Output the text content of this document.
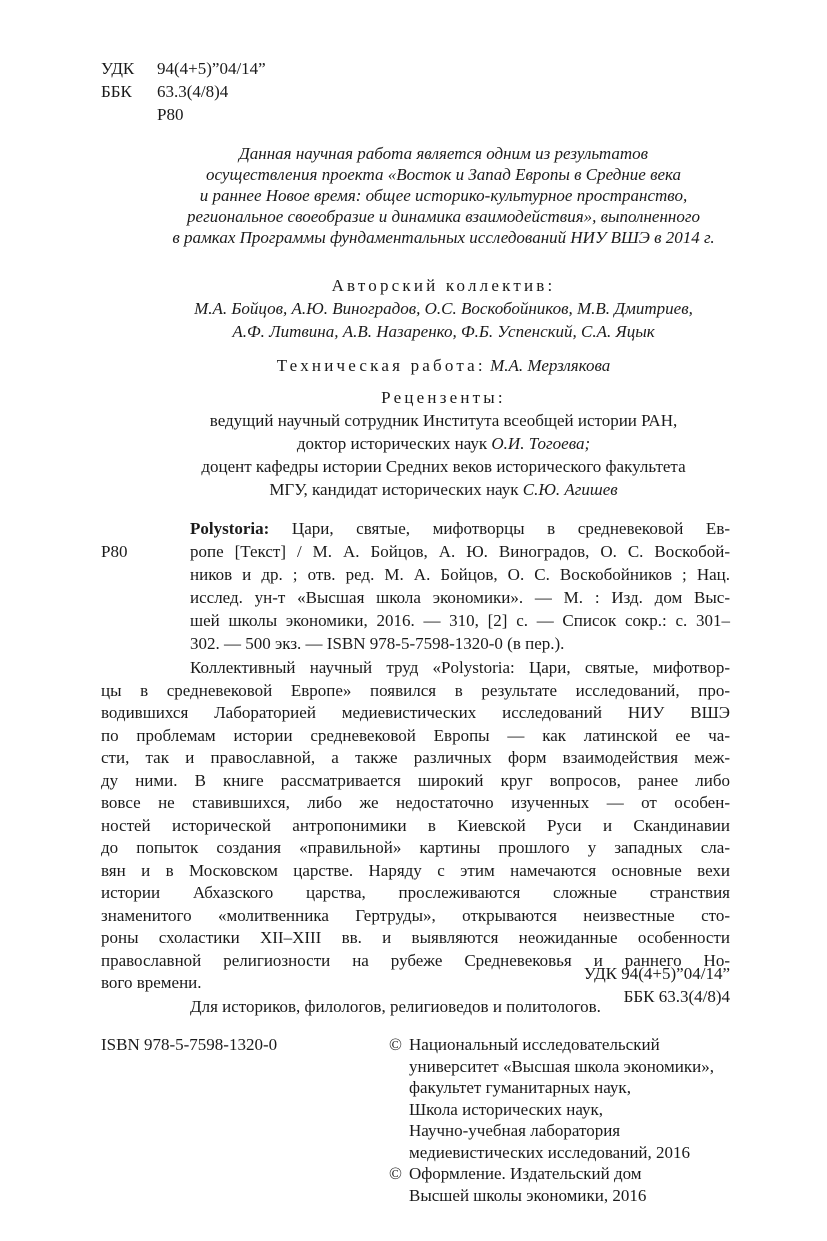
УДК 94(4+5)”04/14”
ББК 63.3(4/8)4
Р80
Данная научная работа является одним из результатов
осуществления проекта «Восток и Запад Европы в Средние века
и раннее Новое время: общее историко-культурное пространство,
региональное своеобразие и динамика взаимодействия», выполненного
в рамках Программы фундаментальных исследований НИУ ВШЭ в 2014 г.
Авторский коллектив:
М.А. Бойцов, А.Ю. Виноградов, О.С. Воскобойников, М.В. Дмитриев,
А.Ф. Литвина, А.В. Назаренко, Ф.Б. Успенский, С.А. Яцык
Техническая работа: М.А. Мерзлякова
Рецензенты:
ведущий научный сотрудник Института всеобщей истории РАН,
доктор исторических наук О.И. Тогоева;
доцент кафедры истории Средних веков исторического факультета
МГУ, кандидат исторических наук С.Ю. Агишев
Р80
Polystoria: Цари, святые, мифотворцы в средневековой Ев-
ропе [Текст] / М. А. Бойцов, А. Ю. Виноградов, О. С. Воскобой-
ников и др. ; отв. ред. М. А. Бойцов, О. С. Воскобойников ; Нац.
исслед. ун-т «Высшая школа экономики». — М. : Изд. дом Выс-
шей школы экономики, 2016. — 310, [2] с. — Список сокр.: с. 301–
302. — 500 экз. — ISBN 978-5-7598-1320-0 (в пер.).
Коллективный научный труд «Polystoria: Цари, святые, мифотвор-
цы в средневековой Европе» появился в результате исследований, про-
водившихся Лабораторией медиевистических исследований НИУ ВШЭ
по проблемам истории средневековой Европы — как латинской ее ча-
сти, так и православной, а также различных форм взаимодействия меж-
ду ними. В книге рассматривается широкий круг вопросов, ранее либо
вовсе не ставившихся, либо же недостаточно изученных — от особен-
ностей исторической антропонимики в Киевской Руси и Скандинавии
до попыток создания «правильной» картины прошлого у западных сла-
вян и в Московском царстве. Наряду с этим намечаются основные вехи
истории Абхазского царства, прослеживаются сложные странствия
знаменитого «молитвенника Гертруды», открываются неизвестные сто-
роны схоластики XII–XIII вв. и выявляются неожиданные особенности
православной религиозности на рубеже Средневековья и раннего Но-
вого времени.
Для историков, филологов, религиоведов и политологов.
УДК 94(4+5)”04/14”
ББК 63.3(4/8)4
ISBN 978-5-7598-1320-0	© Национальный исследовательский
университет «Высшая школа экономики»,
факультет гуманитарных наук,
Школа исторических наук,
Научно-учебная лаборатория
медиевистических исследований, 2016
© Оформление. Издательский дом
Высшей школы экономики, 2016
